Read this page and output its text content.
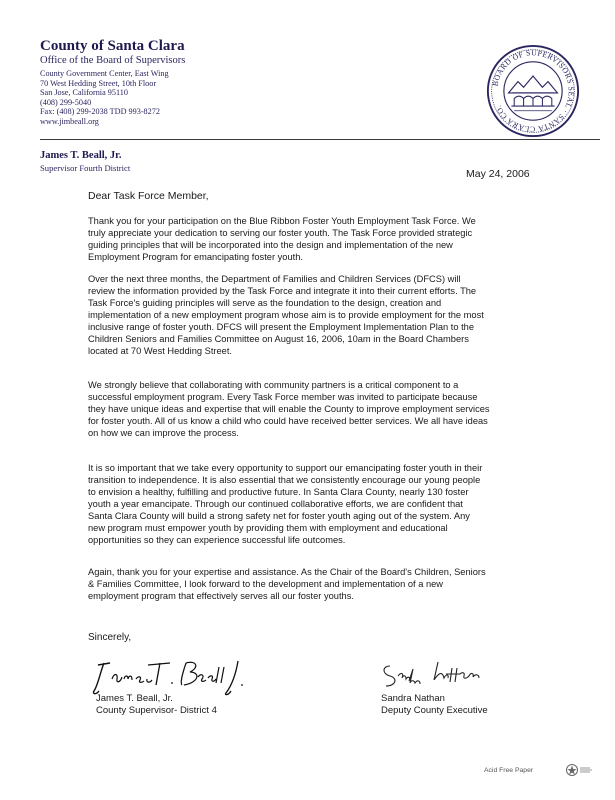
County of Santa Clara
Office of the Board of Supervisors
County Government Center, East Wing
70 West Hedding Street, 10th Floor
San Jose, California 95110
(408) 299-5040
Fax: (408) 299-2038 TDD 993-8272
www.jimbeall.org
BOARD OF SUPERVISORS SEAL · SANTA CLARA CO.
James T. Beall, Jr.
Supervisor Fourth District	May 24, 2006
Dear Task Force Member,
Thank you for your participation on the Blue Ribbon Foster Youth Employment Task Force. We
truly appreciate your dedication to serving our foster youth. The Task Force provided strategic
guiding principles that will be incorporated into the design and implementation of the new
Employment Program for emancipating foster youth.
Over the next three months, the Department of Families and Children Services (DFCS) will
review the information provided by the Task Force and integrate it into their current efforts. The
Task Force's guiding principles will serve as the foundation to the design, creation and
implementation of a new employment program whose aim is to provide employment for the most
inclusive range of foster youth. DFCS will present the Employment Implementation Plan to the
Children Seniors and Families Committee on August 16, 2006, 10am in the Board Chambers
located at 70 West Hedding Street.
We strongly believe that collaborating with community partners is a critical component to a
successful employment program. Every Task Force member was invited to participate because
they have unique ideas and expertise that will enable the County to improve employment services
for foster youth. All of us know a child who could have received better services. We all have ideas
on how we can improve the process.
It is so important that we take every opportunity to support our emancipating foster youth in their
transition to independence. It is also essential that we consistently encourage our young people
to envision a healthy, fulfilling and productive future. In Santa Clara County, nearly 130 foster
youth a year emancipate. Through our continued collaborative efforts, we are confident that
Santa Clara County will build a strong safety net for foster youth aging out of the system. Any
new program must empower youth by providing them with employment and educational
opportunities so they can experience successful life outcomes.
Again, thank you for your expertise and assistance. As the Chair of the Board's Children, Seniors
& Families Committee, I look forward to the development and implementation of a new
employment program that effectively serves all our foster youths.
Sincerely,
James T. Beall, Jr.
County Supervisor- District 4
Sandra Nathan
Deputy County Executive
Acid Free Paper
